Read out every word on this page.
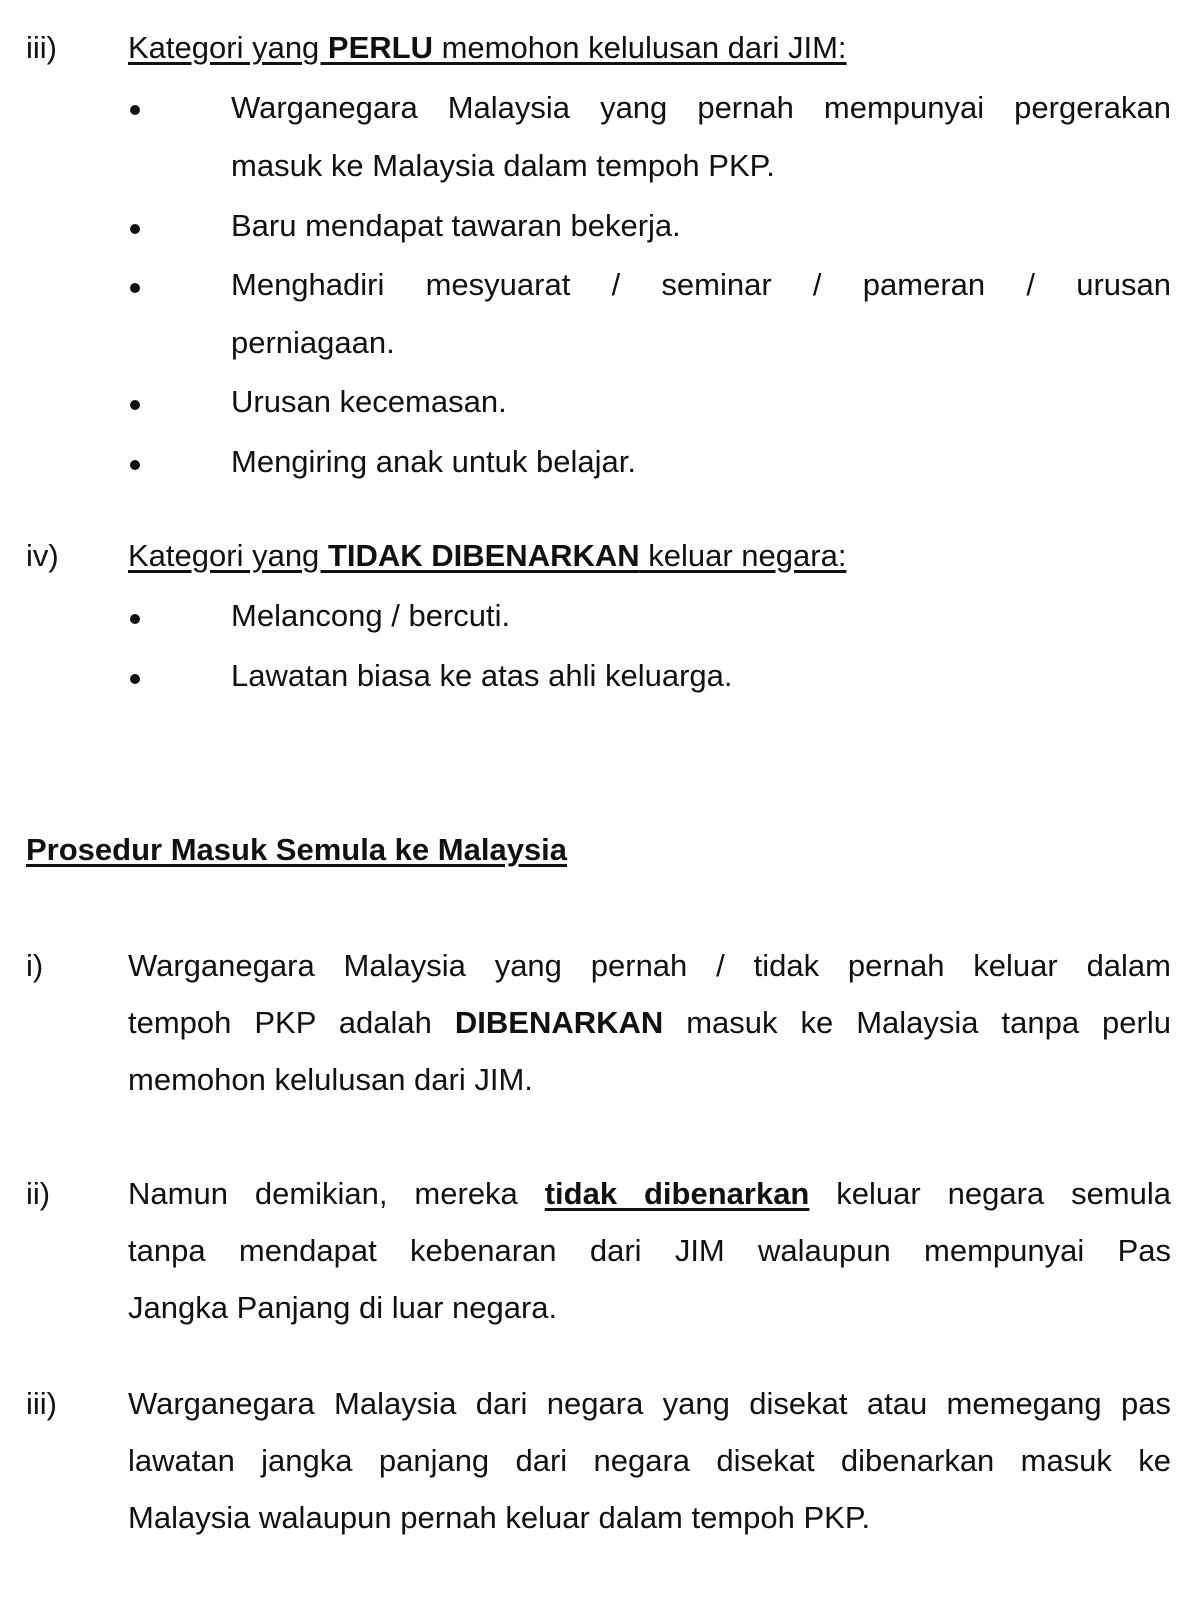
iii) Kategori yang PERLU memohon kelulusan dari JIM:
Warganegara Malaysia yang pernah mempunyai pergerakan
masuk ke Malaysia dalam tempoh PKP.
Baru mendapat tawaran bekerja.
Menghadiri mesyuarat / seminar / pameran / urusan
perniagaan.
Urusan kecemasan.
Mengiring anak untuk belajar.
iv) Kategori yang TIDAK DIBENARKAN keluar negara:
Melancong / bercuti.
Lawatan biasa ke atas ahli keluarga.
Prosedur Masuk Semula ke Malaysia
i)	Warganegara Malaysia yang pernah / tidak pernah keluar dalam
tempoh PKP adalah DIBENARKAN masuk ke Malaysia tanpa perlu
memohon kelulusan dari JIM.
ii)	Namun demikian, mereka tidak dibenarkan keluar negara semula
tanpa mendapat kebenaran dari JIM walaupun mempunyai Pas
Jangka Panjang di luar negara.
iii) Warganegara Malaysia dari negara yang disekat atau memegang pas
lawatan jangka panjang dari negara disekat dibenarkan masuk ke
Malaysia walaupun pernah keluar dalam tempoh PKP.
